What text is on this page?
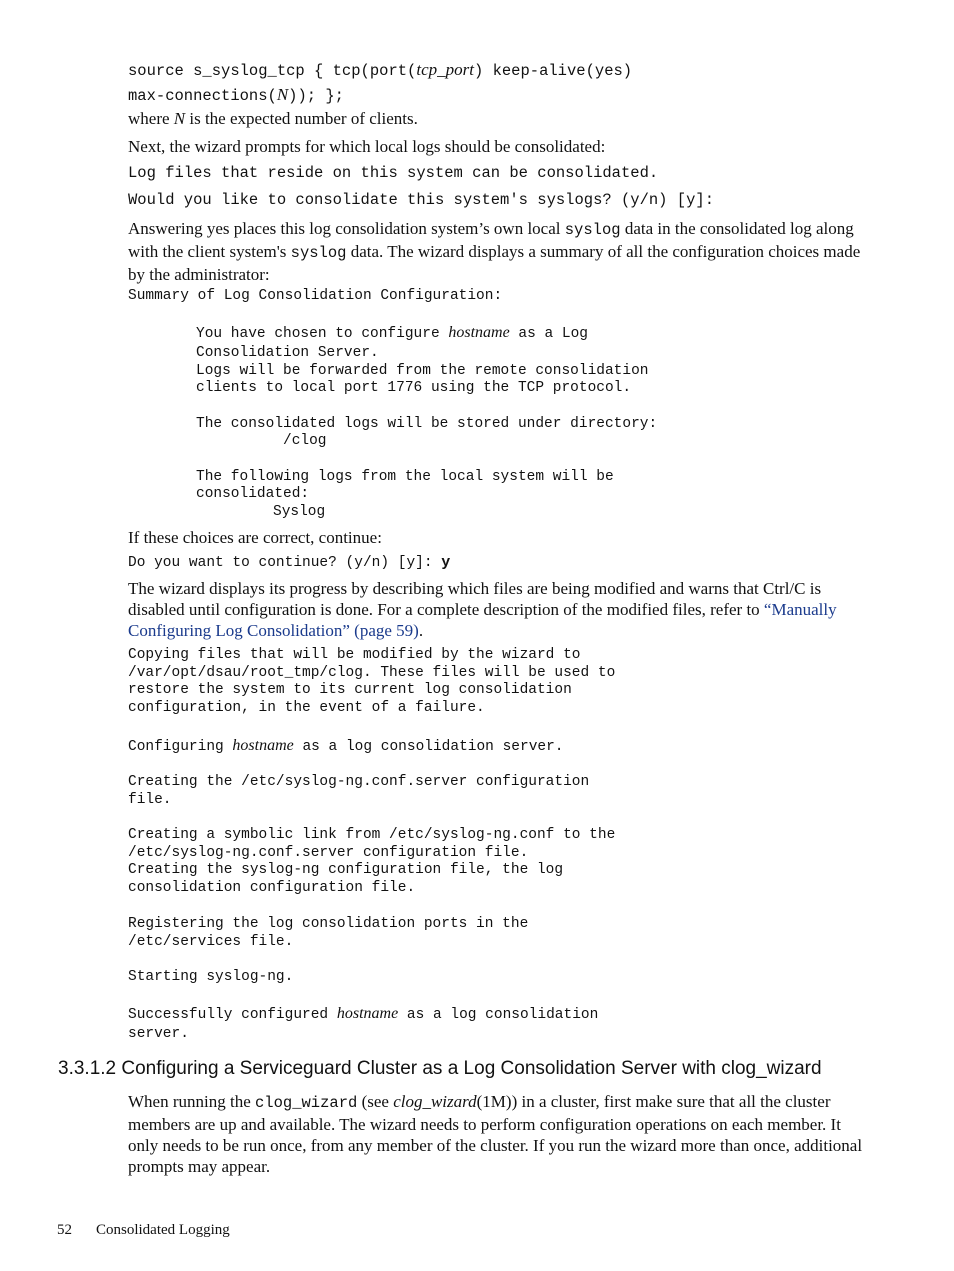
source s_syslog_tcp { tcp(port(tcp_port) keep-alive(yes)
max-connections(N)); };
where N is the expected number of clients.
Next, the wizard prompts for which local logs should be consolidated:
Log files that reside on this system can be consolidated.
Would you like to consolidate this system's syslogs? (y/n) [y]:
Answering yes places this log consolidation system’s own local syslog data in the consolidated log along with the client system's syslog data. The wizard displays a summary of all the configuration choices made by the administrator:
Summary of Log Consolidation Configuration:
You have chosen to configure hostname as a Log
Consolidation Server.
Logs will be forwarded from the remote consolidation
clients to local port 1776 using the TCP protocol.
The consolidated logs will be stored under directory:
/clog
The following logs from the local system will be
consolidated:
Syslog
If these choices are correct, continue:
Do you want to continue? (y/n) [y]: y
The wizard displays its progress by describing which files are being modified and warns that Ctrl/C is disabled until configuration is done. For a complete description of the modified files, refer to “Manually Configuring Log Consolidation” (page 59).
Copying files that will be modified by the wizard to
/var/opt/dsau/root_tmp/clog. These files will be used to
restore the system to its current log consolidation
configuration, in the event of a failure.
Configuring hostname as a log consolidation server.
Creating the /etc/syslog-ng.conf.server configuration
file.
Creating a symbolic link from /etc/syslog-ng.conf to the
/etc/syslog-ng.conf.server configuration file.
Creating the syslog-ng configuration file, the log
consolidation configuration file.
Registering the log consolidation ports in the
/etc/services file.
Starting syslog-ng.
Successfully configured hostname as a log consolidation
server.
3.3.1.2 Configuring a Serviceguard Cluster as a Log Consolidation Server with clog_wizard
When running the clog_wizard (see clog_wizard(1M)) in a cluster, first make sure that all the cluster members are up and available. The wizard needs to perform configuration operations on each member. It only needs to be run once, from any member of the cluster. If you run the wizard more than once, additional prompts may appear.
52 Consolidated Logging
